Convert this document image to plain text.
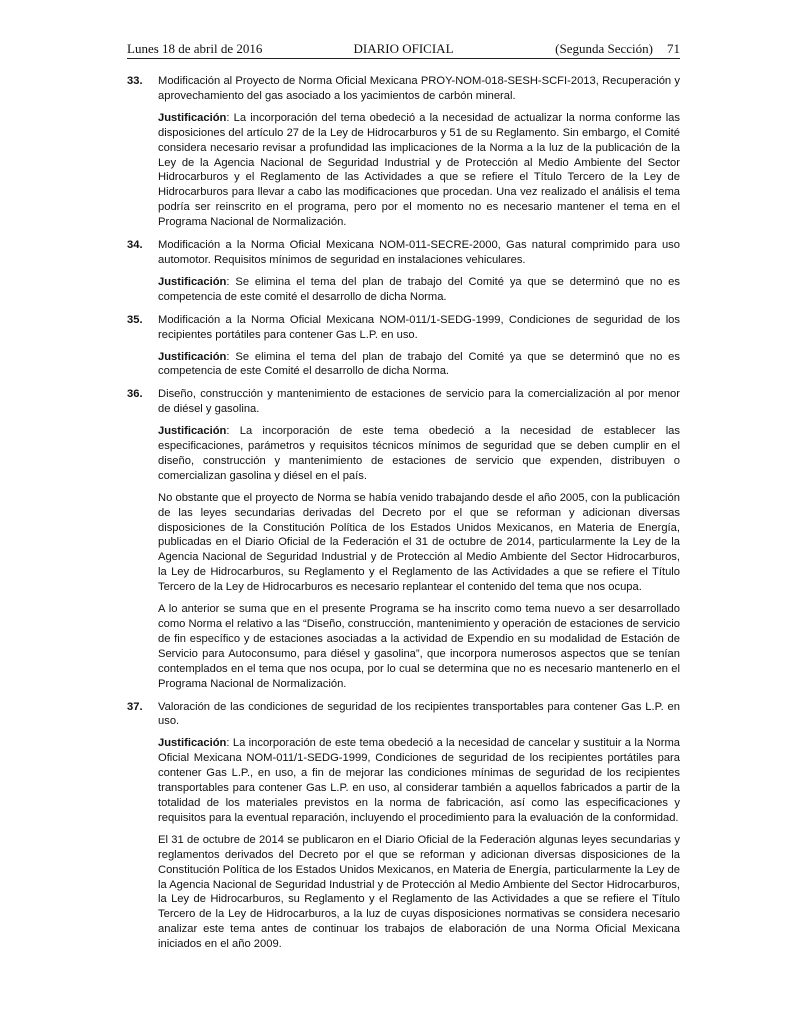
Lunes 18 de abril de 2016	DIARIO OFICIAL	(Segunda Sección) 71
33. Modificación al Proyecto de Norma Oficial Mexicana PROY-NOM-018-SESH-SCFI-2013, Recuperación y aprovechamiento del gas asociado a los yacimientos de carbón mineral.

Justificación: La incorporación del tema obedeció a la necesidad de actualizar la norma conforme las disposiciones del artículo 27 de la Ley de Hidrocarburos y 51 de su Reglamento. Sin embargo, el Comité considera necesario revisar a profundidad las implicaciones de la Norma a la luz de la publicación de la Ley de la Agencia Nacional de Seguridad Industrial y de Protección al Medio Ambiente del Sector Hidrocarburos y el Reglamento de las Actividades a que se refiere el Título Tercero de la Ley de Hidrocarburos para llevar a cabo las modificaciones que procedan. Una vez realizado el análisis el tema podría ser reinscrito en el programa, pero por el momento no es necesario mantener el tema en el Programa Nacional de Normalización.

34. Modificación a la Norma Oficial Mexicana NOM-011-SECRE-2000, Gas natural comprimido para uso automotor. Requisitos mínimos de seguridad en instalaciones vehiculares.

Justificación: Se elimina el tema del plan de trabajo del Comité ya que se determinó que no es competencia de este comité el desarrollo de dicha Norma.

35. Modificación a la Norma Oficial Mexicana NOM-011/1-SEDG-1999, Condiciones de seguridad de los recipientes portátiles para contener Gas L.P. en uso.

Justificación: Se elimina el tema del plan de trabajo del Comité ya que se determinó que no es competencia de este Comité el desarrollo de dicha Norma.

36. Diseño, construcción y mantenimiento de estaciones de servicio para la comercialización al por menor de diésel y gasolina.

Justificación: La incorporación de este tema obedeció a la necesidad de establecer las especificaciones, parámetros y requisitos técnicos mínimos de seguridad que se deben cumplir en el diseño, construcción y mantenimiento de estaciones de servicio que expenden, distribuyen o comercializan gasolina y diésel en el país.

No obstante que el proyecto de Norma se había venido trabajando desde el año 2005, con la publicación de las leyes secundarias derivadas del Decreto por el que se reforman y adicionan diversas disposiciones de la Constitución Política de los Estados Unidos Mexicanos, en Materia de Energía, publicadas en el Diario Oficial de la Federación el 31 de octubre de 2014, particularmente la Ley de la Agencia Nacional de Seguridad Industrial y de Protección al Medio Ambiente del Sector Hidrocarburos, la Ley de Hidrocarburos, su Reglamento y el Reglamento de las Actividades a que se refiere el Título Tercero de la Ley de Hidrocarburos es necesario replantear el contenido del tema que nos ocupa.

A lo anterior se suma que en el presente Programa se ha inscrito como tema nuevo a ser desarrollado como Norma el relativo a las “Diseño, construcción, mantenimiento y operación de estaciones de servicio de fin específico y de estaciones asociadas a la actividad de Expendio en su modalidad de Estación de Servicio para Autoconsumo, para diésel y gasolina”, que incorpora numerosos aspectos que se tenían contemplados en el tema que nos ocupa, por lo cual se determina que no es necesario mantenerlo en el Programa Nacional de Normalización.

37. Valoración de las condiciones de seguridad de los recipientes transportables para contener Gas L.P. en uso.

Justificación: La incorporación de este tema obedeció a la necesidad de cancelar y sustituir a la Norma Oficial Mexicana NOM-011/1-SEDG-1999, Condiciones de seguridad de los recipientes portátiles para contener Gas L.P., en uso, a fin de mejorar las condiciones mínimas de seguridad de los recipientes transportables para contener Gas L.P. en uso, al considerar también a aquellos fabricados a partir de la totalidad de los materiales previstos en la norma de fabricación, así como las especificaciones y requisitos para la eventual reparación, incluyendo el procedimiento para la evaluación de la conformidad.

El 31 de octubre de 2014 se publicaron en el Diario Oficial de la Federación algunas leyes secundarias y reglamentos derivados del Decreto por el que se reforman y adicionan diversas disposiciones de la Constitución Política de los Estados Unidos Mexicanos, en Materia de Energía, particularmente la Ley de la Agencia Nacional de Seguridad Industrial y de Protección al Medio Ambiente del Sector Hidrocarburos, la Ley de Hidrocarburos, su Reglamento y el Reglamento de las Actividades a que se refiere el Título Tercero de la Ley de Hidrocarburos, a la luz de cuyas disposiciones normativas se considera necesario analizar este tema antes de continuar los trabajos de elaboración de una Norma Oficial Mexicana iniciados en el año 2009.
